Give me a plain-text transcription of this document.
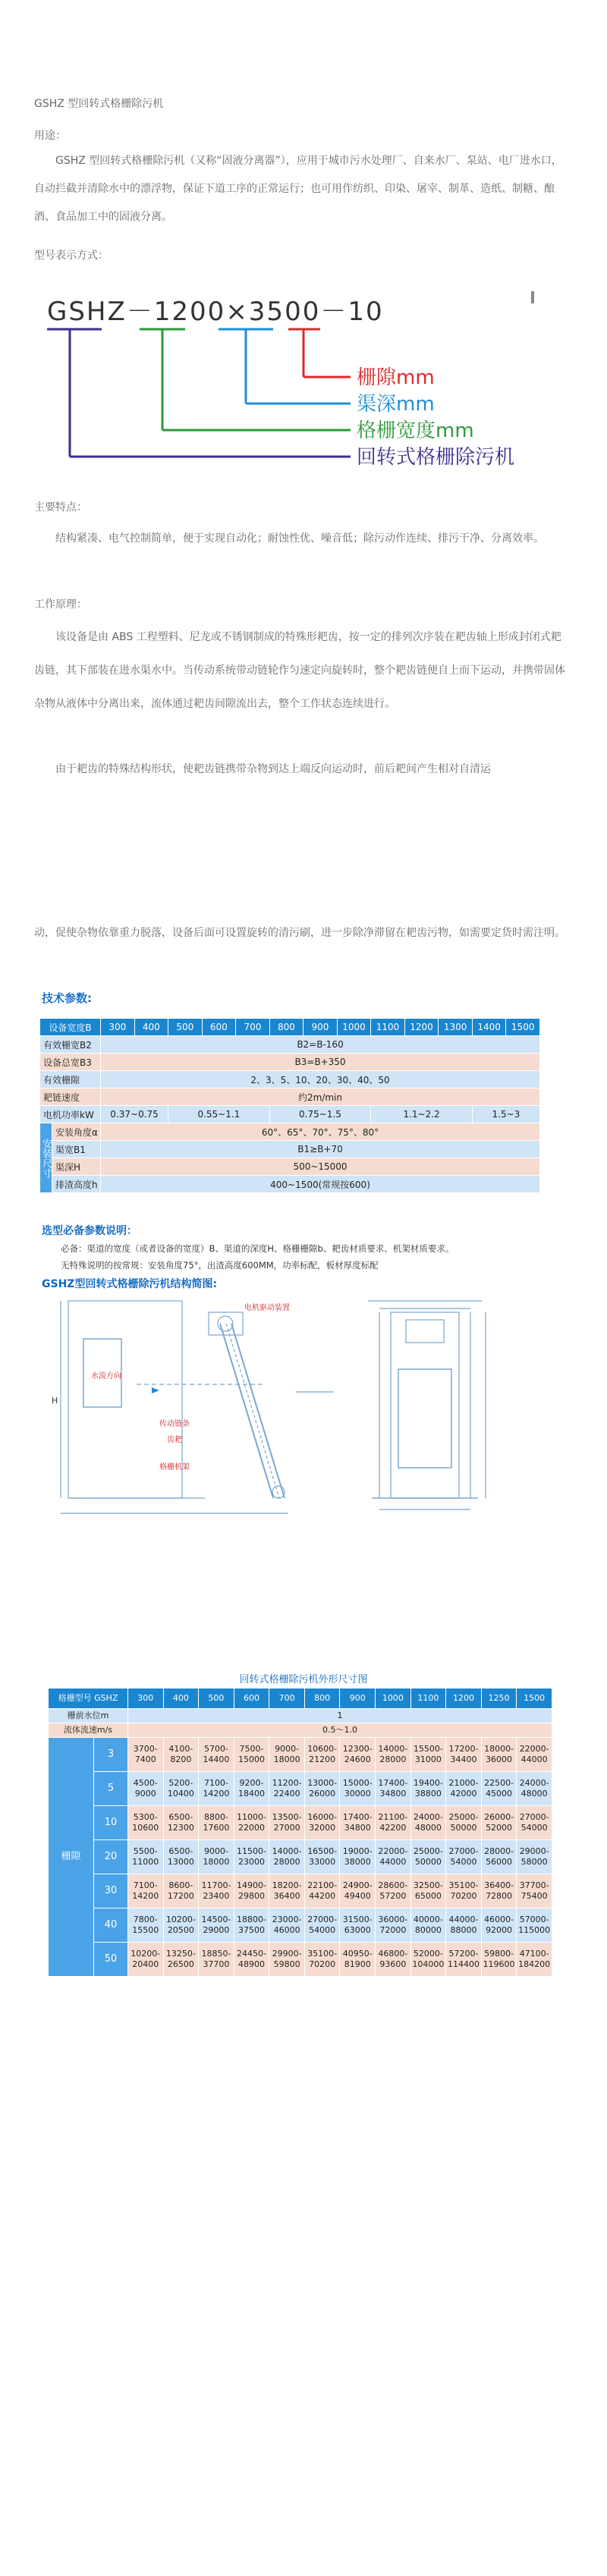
GSHZ 型回转式格栅除污机

用途：

GSHZ 型回转式格栅除污机（又称“固液分离器”），应用于城市污水处理厂、自来水厂、泵站、电厂进水口，自动拦截并清除水中的漂浮物，保证下道工序的正常运行；也可用作纺织、印染、屠宰、制革、造纸、制糖、酿酒、食品加工中的固液分离。

型号表示方式：

GSHZ－1200×3500－10
栅隙mm
渠深mm
格栅宽度mm
回转式格栅除污机

主要特点：

结构紧凑、电气控制简单，便于实现自动化；耐蚀性优、噪音低；除污动作连续、排污干净、分离效率。

工作原理：

该设备是由 ABS 工程塑料、尼龙或不锈钢制成的特殊形耙齿，按一定的排列次序装在耙齿轴上形成封闭式耙齿链，其下部装在进水渠水中。当传动系统带动链轮作匀速定向旋转时，整个耙齿链便自上而下运动，并携带固体杂物从液体中分离出来，流体通过耙齿间隙流出去，整个工作状态连续进行。

由于耙齿的特殊结构形状，使耙齿链携带杂物到达上端反向运动时，前后耙间产生相对自清运

动，促使杂物依靠重力脱落，设备后面可设置旋转的清污刷，进一步除净滞留在耙齿污物，如需要定货时需注明。

技术参数:
设备宽度B		300	400	500	600	700	800	900	1000	1100	1200	1300	1400	1500
有效栅宽B2		B2=B-160												
设备总宽B3		B3=B+350												
有效栅隙		2、3、5、10、20、30、40、50												
耙链速度		约2m/min												
电机功率kW		0.37~0.75		0.55~1.1			0.75~1.5			1.1~2.2			1.5~3	
安装尺寸	安装角度α	60°、65°、70°、75°、80°												
	渠宽B1	B1≥B+70												
	渠深H	500~15000												
	排渣高度h	400~1500(常规按600)												
选型必备参数说明：
必备：渠道的宽度（或者设备的宽度）B、渠道的深度H、格栅栅隙b、耙齿材质要求、机架材质要求。
无特殊说明的按常规：安装角度75°，出渣高度600MM，功率标配，板材厚度标配
GSHZ型回转式格栅除污机结构简图:
电机驱动装置
水流方向
齿耙
格栅机架
传动链条
H
回转式格栅除污机外形尺寸图
格栅型号 GSHZ		300	400	500	600	700	800	900	1000	1100	1200	1250	1500
栅前水位m		1											
流体流速m/s		0.5～1.0											
栅隙	3	3700-7400	4100-8200	5700-14400	7500-15000	9000-18000	10600-21200	12300-24600	14000-28000	15500-31000	17200-34400	18000-36000	22000-44000
	5	4500-9000	5200-10400	7100-14200	9200-18400	11200-22400	13000-26000	15000-30000	17400-34800	19400-38800	21000-42000	22500-45000	24000-48000
	10	5300-10600	6500-12300	8800-17600	11000-22000	13500-27000	16000-32000	17400-34800	21100-42200	24000-48000	25000-50000	26000-52000	27000-54000
	20	5500-11000	6500-13000	9000-18000	11500-23000	14000-28000	16500-33000	19000-38000	22000-44000	25000-50000	27000-54000	28000-56000	29000-58000
	30	7100-14200	8600-17200	11700-23400	14900-29800	18200-36400	22100-44200	24900-49400	28600-57200	32500-65000	35100-70200	36400-72800	37700-75400
	40	7800-15500	10200-20500	14500-29000	18800-37500	23000-46000	27000-54000	31500-63000	36000-72000	40000-80000	44000-88000	46000-92000	57000-115000
	50	10200-20400	13250-26500	18850-37700	24450-48900	29900-59800	35100-70200	40950-81900	46800-93600	52000-104000	57200-114400	59800-119600	47100-184200
